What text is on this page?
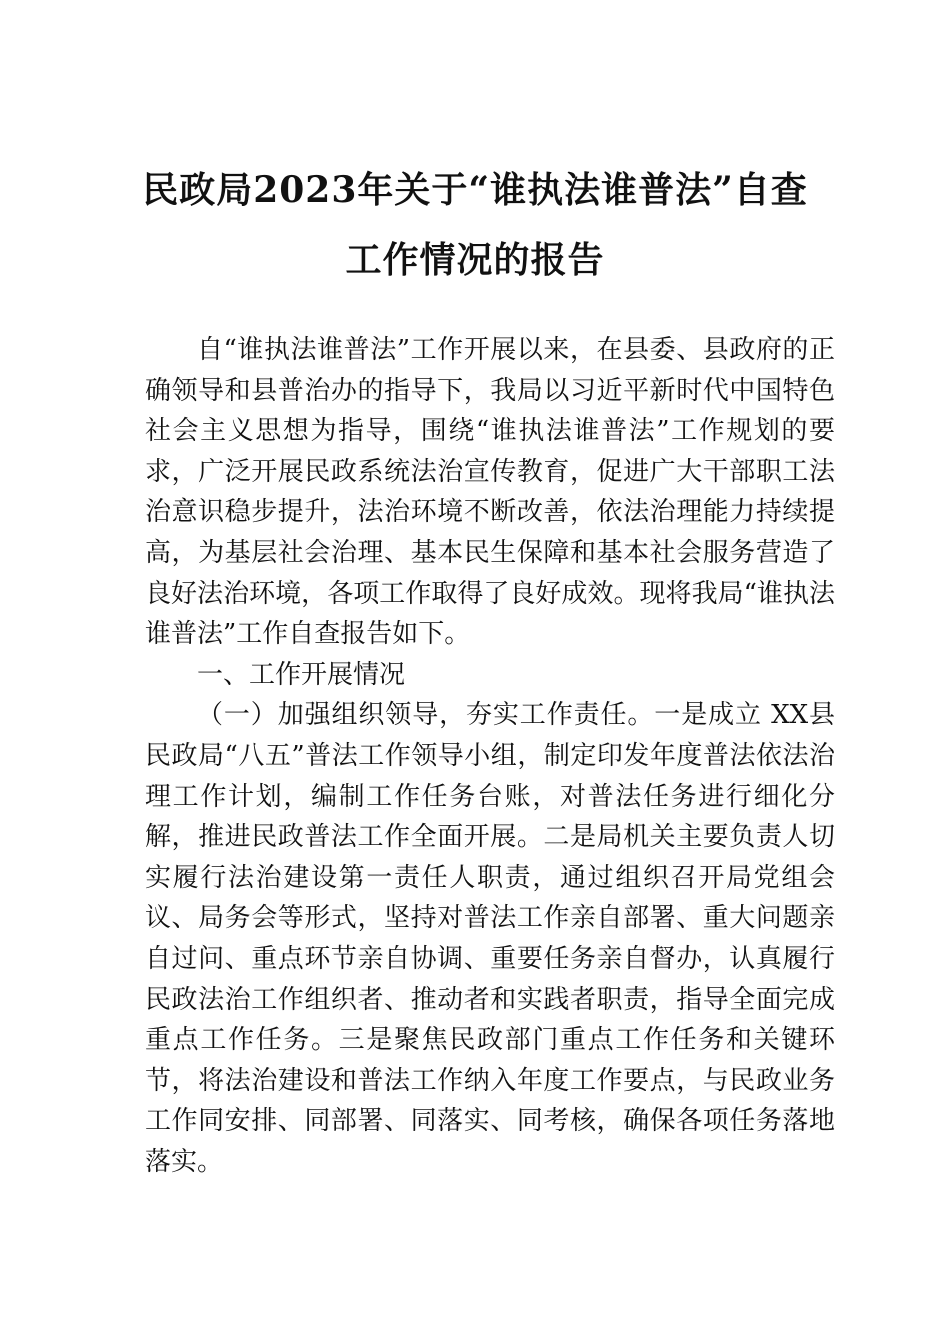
民政局2023年关于“谁执法谁普法”自查
工作情况的报告

自“谁执法谁普法”工作开展以来，在县委、县政府的正确领导和县普治办的指导下，我局以习近平新时代中国特色社会主义思想为指导，围绕“谁执法谁普法”工作规划的要求，广泛开展民政系统法治宣传教育，促进广大干部职工法治意识稳步提升，法治环境不断改善，依法治理能力持续提高，为基层社会治理、基本民生保障和基本社会服务营造了良好法治环境，各项工作取得了良好成效。现将我局“谁执法谁普法”工作自查报告如下。

一、工作开展情况

（一）加强组织领导，夯实工作责任。一是成立 XX县民政局“八五”普法工作领导小组，制定印发年度普法依法治理工作计划，编制工作任务台账，对普法任务进行细化分解，推进民政普法工作全面开展。二是局机关主要负责人切实履行法治建设第一责任人职责，通过组织召开局党组会议、局务会等形式，坚持对普法工作亲自部署、重大问题亲自过问、重点环节亲自协调、重要任务亲自督办，认真履行民政法治工作组织者、推动者和实践者职责，指导全面完成重点工作任务。三是聚焦民政部门重点工作任务和关键环节，将法治建设和普法工作纳入年度工作要点，与民政业务工作同安排、同部署、同落实、同考核，确保各项任务落地落实。
